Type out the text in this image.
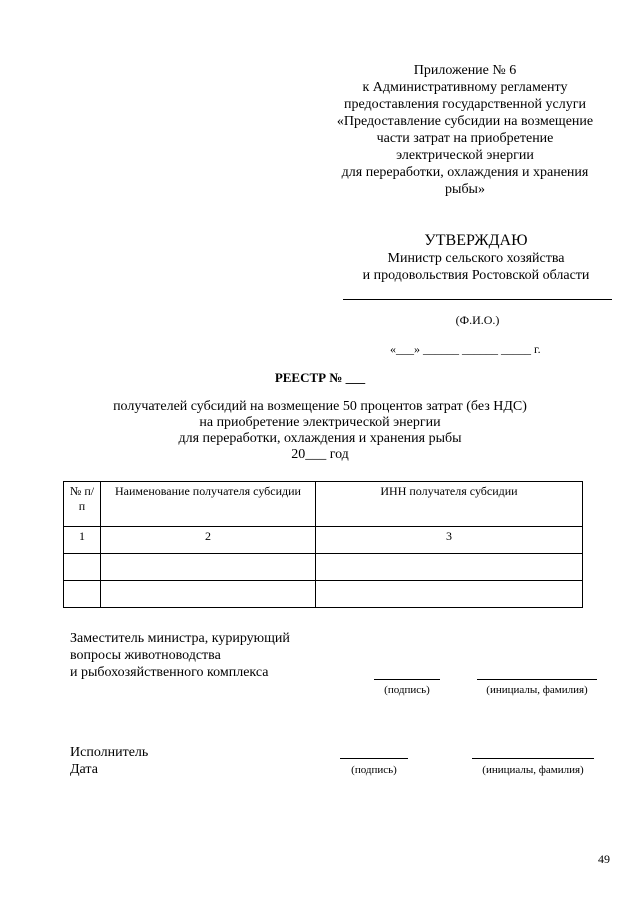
Приложение № 6
к Административному регламенту
предоставления государственной услуги
«Предоставление субсидии на возмещение
части затрат на приобретение
электрической энергии
для переработки, охлаждения и хранения
рыбы»
УТВЕРЖДАЮ
Министр сельского хозяйства
и продовольствия Ростовской области
(Ф.И.О.)
«___» ______ ______ _____ г.
РЕЕСТР № ___
получателей субсидий на возмещение 50 процентов затрат (без НДС)
на приобретение электрической энергии
для переработки, охлаждения и хранения рыбы
20___ год
№ п/п	Наименование получателя субсидии	ИНН получателя субсидии
1	2	3

Заместитель министра, курирующий
вопросы животноводства
и рыбохозяйственного комплекса
(подпись)	(инициалы, фамилия)
Исполнитель
Дата	(подпись)	(инициалы, фамилия)
49
